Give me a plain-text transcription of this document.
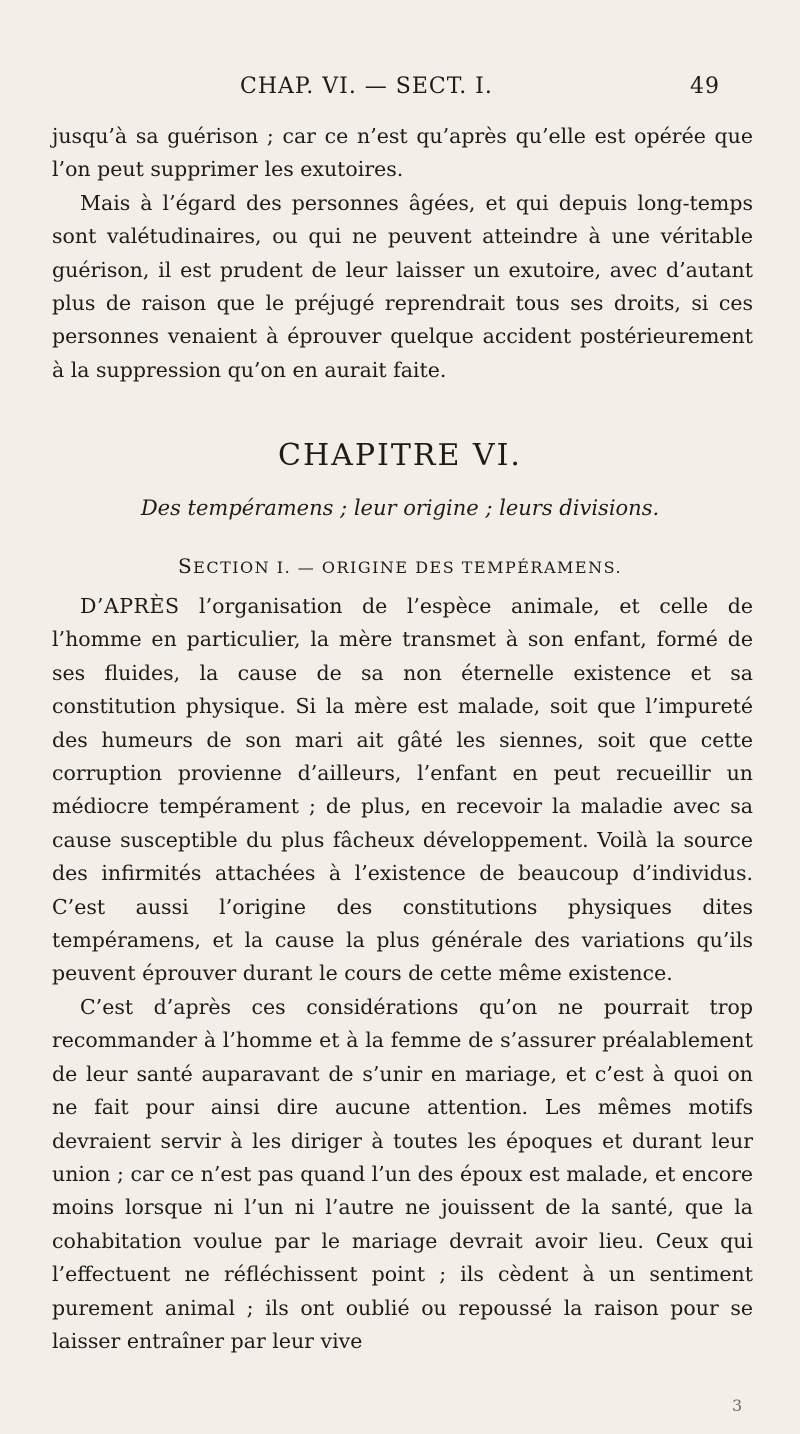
CHAP. VI. — SECT. I.	49

jusqu’à sa guérison ; car ce n’est qu’après qu’elle est opérée que l’on peut supprimer les exutoires.

Mais à l’égard des personnes âgées, et qui depuis long-temps sont valétudinaires, ou qui ne peuvent atteindre à une véritable guérison, il est prudent de leur laisser un exutoire, avec d’autant plus de raison que le préjugé reprendrait tous ses droits, si ces personnes venaient à éprouver quelque accident postérieurement à la suppression qu’on en aurait faite.

CHAPITRE VI.
Des tempéramens ; leur origine ; leurs divisions.
SECTION I. — ORIGINE DES TEMPÉRAMENS.

D’APRÈS l’organisation de l’espèce animale, et celle de l’homme en particulier, la mère transmet à son enfant, formé de ses fluides, la cause de sa non éternelle existence et sa constitution physique. Si la mère est malade, soit que l’impureté des humeurs de son mari ait gâté les siennes, soit que cette corruption provienne d’ailleurs, l’enfant en peut recueillir un médiocre tempérament ; de plus, en recevoir la maladie avec sa cause susceptible du plus fâcheux développement. Voilà la source des infirmités attachées à l’existence de beaucoup d’individus. C’est aussi l’origine des constitutions physiques dites tempéramens, et la cause la plus générale des variations qu’ils peuvent éprouver durant le cours de cette même existence.

C’est d’après ces considérations qu’on ne pourrait trop recommander à l’homme et à la femme de s’assurer préalablement de leur santé auparavant de s’unir en mariage, et c’est à quoi on ne fait pour ainsi dire aucune attention. Les mêmes motifs devraient servir à les diriger à toutes les époques et durant leur union ; car ce n’est pas quand l’un des époux est malade, et encore moins lorsque ni l’un ni l’autre ne jouissent de la santé, que la cohabitation voulue par le mariage devrait avoir lieu. Ceux qui l’effectuent ne réfléchissent point ; ils cèdent à un sentiment purement animal ; ils ont oublié ou repoussé la raison pour se laisser entraîner par leur vive

3
